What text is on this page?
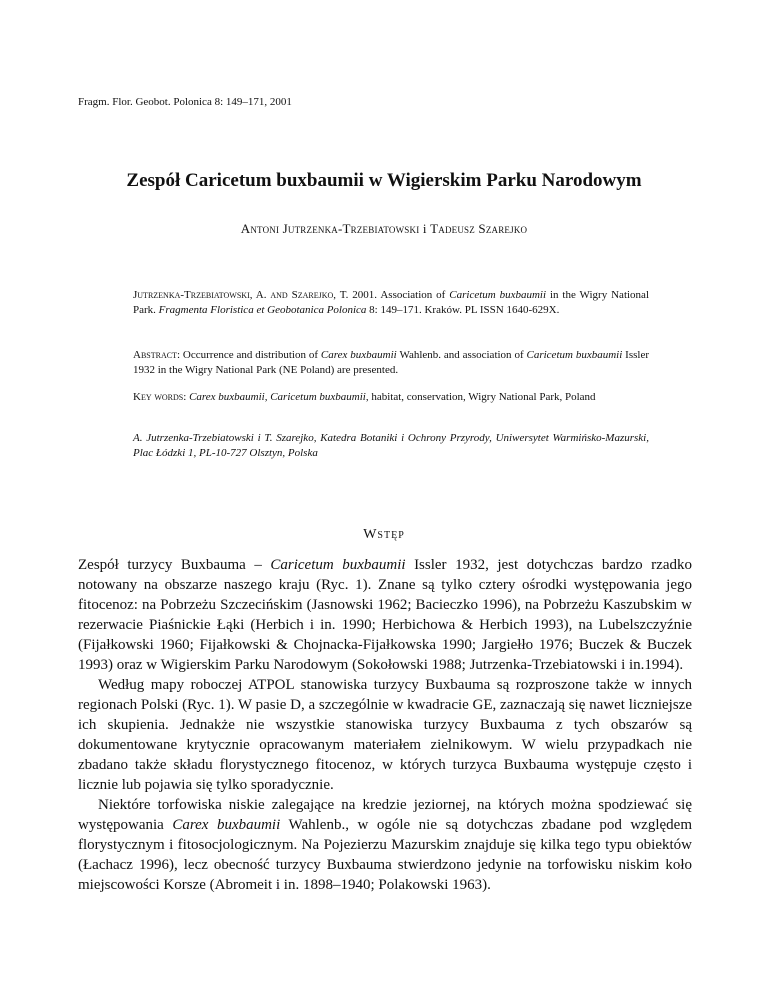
Fragm. Flor. Geobot. Polonica 8: 149–171, 2001
Zespół Caricetum buxbaumii w Wigierskim Parku Narodowym
Antoni Jutrzenka-Trzebiatowski i Tadeusz Szarejko
Jutrzenka-Trzebiatowski, A. and Szarejko, T. 2001. Association of Caricetum buxbaumii in the Wigry National Park. Fragmenta Floristica et Geobotanica Polonica 8: 149–171. Kraków. PL ISSN 1640-629X.
Abstract: Occurrence and distribution of Carex buxbaumii Wahlenb. and association of Caricetum buxbaumii Issler 1932 in the Wigry National Park (NE Poland) are presented.
Key words: Carex buxbaumii, Caricetum buxbaumii, habitat, conservation, Wigry National Park, Poland
A. Jutrzenka-Trzebiatowski i T. Szarejko, Katedra Botaniki i Ochrony Przyrody, Uniwersytet Warmińsko-Mazurski, Plac Łódzki 1, PL-10-727 Olsztyn, Polska
Wstęp

Zespół turzycy Buxbauma – Caricetum buxbaumii Issler 1932, jest dotychczas bardzo rzadko notowany na obszarze naszego kraju (Ryc. 1). Znane są tylko cztery ośrodki występowania jego fitocenoz: na Pobrzeżu Szczecińskim (Jasnowski 1962; Bacieczko 1996), na Pobrzeżu Kaszubskim w rezerwacie Piaśnickie Łąki (Herbich i in. 1990; Herbichowa & Herbich 1993), na Lubelszczyźnie (Fijałkowski 1960; Fijałkowski & Chojnacka-Fijałkowska 1990; Jargiełło 1976; Buczek & Buczek 1993) oraz w Wigierskim Parku Narodowym (Sokołowski 1988; Jutrzenka-Trzebiatowski i in.1994).

Według mapy roboczej ATPOL stanowiska turzycy Buxbauma są rozproszone także w innych regionach Polski (Ryc. 1). W pasie D, a szczególnie w kwadracie GE, zaznaczają się nawet liczniejsze ich skupienia. Jednakże nie wszystkie stanowiska turzycy Buxbauma z tych obszarów są dokumentowane krytycznie opracowanym materiałem zielnikowym. W wielu przypadkach nie zbadano także składu florystycznego fitocenoz, w których turzyca Buxbauma występuje często i licznie lub pojawia się tylko sporadycznie.

Niektóre torfowiska niskie zalegające na kredzie jeziornej, na których można spodziewać się występowania Carex buxbaumii Wahlenb., w ogóle nie są dotychczas zbadane pod względem florystycznym i fitosocjologicznym. Na Pojezierzu Mazurskim znajduje się kilka tego typu obiektów (Łachacz 1996), lecz obecność turzycy Buxbauma stwierdzono jedynie na torfowisku niskim koło miejscowości Korsze (Abromeit i in. 1898–1940; Polakowski 1963).
